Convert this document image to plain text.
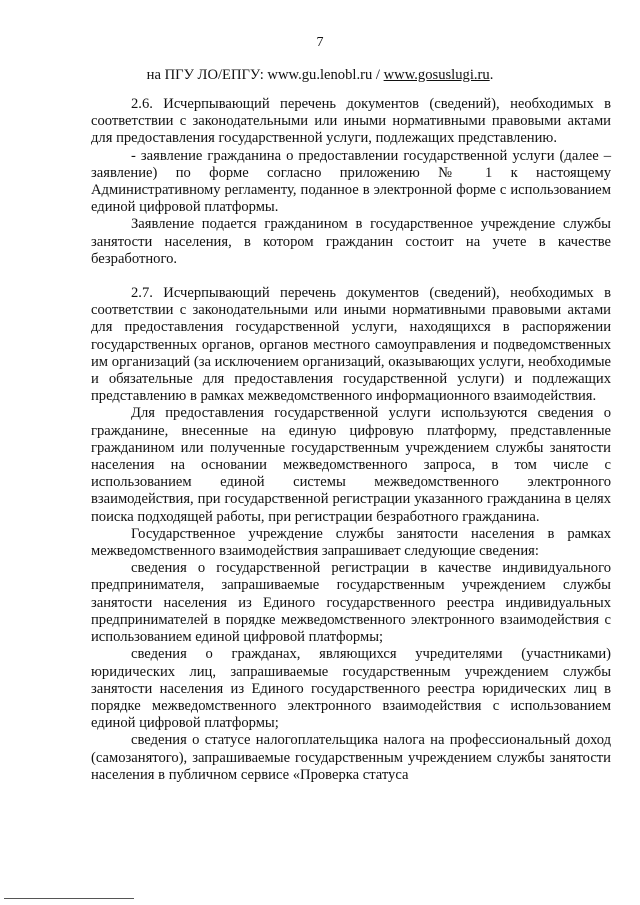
7
на ПГУ ЛО/ЕПГУ: www.gu.lenobl.ru / www.gosuslugi.ru.

2.6. Исчерпывающий перечень документов (сведений), необходимых в соответствии с законодательными или иными нормативными правовыми актами для предоставления государственной услуги, подлежащих представлению.

- заявление гражданина о предоставлении государственной услуги (далее – заявление) по форме согласно приложению № 1 к настоящему Административному регламенту, поданное в электронной форме с использованием единой цифровой платформы.

Заявление подается гражданином в государственное учреждение службы занятости населения, в котором гражданин состоит на учете в качестве безработного.

2.7. Исчерпывающий перечень документов (сведений), необходимых в соответствии с законодательными или иными нормативными правовыми актами для предоставления государственной услуги, находящихся в распоряжении государственных органов, органов местного самоуправления и подведомственных им организаций (за исключением организаций, оказывающих услуги, необходимые и обязательные для предоставления государственной услуги) и подлежащих представлению в рамках межведомственного информационного взаимодействия.

Для предоставления государственной услуги используются сведения о гражданине, внесенные на единую цифровую платформу, представленные гражданином или полученные государственным учреждением службы занятости населения на основании межведомственного запроса, в том числе с использованием единой системы межведомственного электронного взаимодействия, при государственной регистрации указанного гражданина в целях поиска подходящей работы, при регистрации безработного гражданина.

Государственное учреждение службы занятости населения в рамках межведомственного взаимодействия запрашивает следующие сведения:

сведения о государственной регистрации в качестве индивидуального предпринимателя, запрашиваемые государственным учреждением службы занятости населения из Единого государственного реестра индивидуальных предпринимателей в порядке межведомственного электронного взаимодействия с использованием единой цифровой платформы;

сведения о гражданах, являющихся учредителями (участниками) юридических лиц, запрашиваемые государственным учреждением службы занятости населения из Единого государственного реестра юридических лиц в порядке межведомственного электронного взаимодействия с использованием единой цифровой платформы;

сведения о статусе налогоплательщика налога на профессиональный доход (самозанятого), запрашиваемые государственным учреждением службы занятости населения в публичном сервисе «Проверка статуса
